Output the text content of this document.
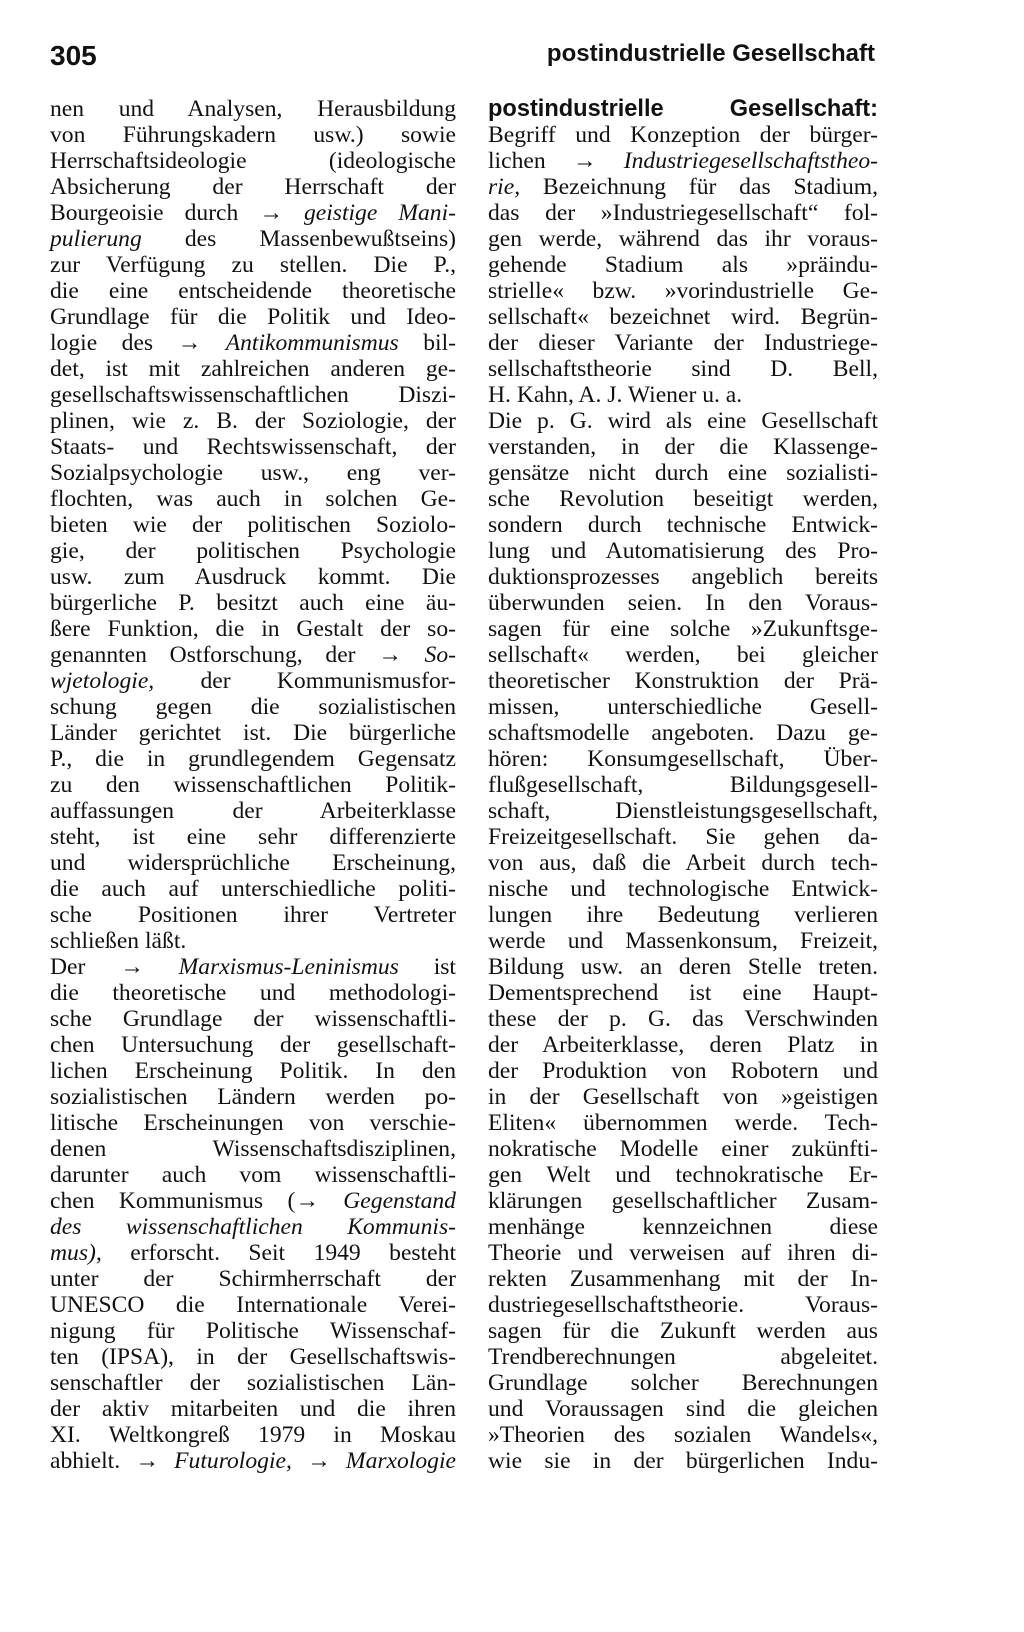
305	postindustrielle Gesellschaft
nen und Analysen, Herausbildung
von Führungskadern usw.) sowie
Herrschaftsideologie (ideologische
Absicherung der Herrschaft der
Bourgeoisie durch → geistige Mani-
pulierung des Massenbewußtseins)
zur Verfügung zu stellen. Die P.,
die eine entscheidende theoretische
Grundlage für die Politik und Ideo-
logie des → Antikommunismus bil-
det, ist mit zahlreichen anderen ge-
gesellschaftswissenschaftlichen Diszi-
plinen, wie z. B. der Soziologie, der
Staats- und Rechtswissenschaft, der
Sozialpsychologie usw., eng ver-
flochten, was auch in solchen Ge-
bieten wie der politischen Soziolo-
gie, der politischen Psychologie
usw. zum Ausdruck kommt. Die
bürgerliche P. besitzt auch eine äu-
ßere Funktion, die in Gestalt der so-
genannten Ostforschung, der → So-
wjetologie, der Kommunismusfor-
schung gegen die sozialistischen
Länder gerichtet ist. Die bürgerliche
P., die in grundlegendem Gegensatz
zu den wissenschaftlichen Politik-
auffassungen der Arbeiterklasse
steht, ist eine sehr differenzierte
und widersprüchliche Erscheinung,
die auch auf unterschiedliche politi-
sche Positionen ihrer Vertreter
schließen läßt.
Der → Marxismus-Leninismus ist
die theoretische und methodologi-
sche Grundlage der wissenschaftli-
chen Untersuchung der gesellschaft-
lichen Erscheinung Politik. In den
sozialistischen Ländern werden po-
litische Erscheinungen von verschie-
denen Wissenschaftsdisziplinen,
darunter auch vom wissenschaftli-
chen Kommunismus (→ Gegenstand
des wissenschaftlichen Kommunis-
mus), erforscht. Seit 1949 besteht
unter der Schirmherrschaft der
UNESCO die Internationale Verei-
nigung für Politische Wissenschaf-
ten (IPSA), in der Gesellschaftswis-
senschaftler der sozialistischen Län-
der aktiv mitarbeiten und die ihren
XI. Weltkongreß 1979 in Moskau
abhielt. → Futurologie, → Marxologie
postindustrielle Gesellschaft:
Begriff und Konzeption der bürger-
lichen → Industriegesellschaftstheo-
rie, Bezeichnung für das Stadium,
das der »Industriegesellschaft“ fol-
gen werde, während das ihr voraus-
gehende Stadium als »präindu-
strielle« bzw. »vorindustrielle Ge-
sellschaft« bezeichnet wird. Begrün-
der dieser Variante der Industriege-
sellschaftstheorie sind D. Bell,
H. Kahn, A. J. Wiener u. a.
Die p. G. wird als eine Gesellschaft
verstanden, in der die Klassenge-
gensätze nicht durch eine sozialisti-
sche Revolution beseitigt werden,
sondern durch technische Entwick-
lung und Automatisierung des Pro-
duktionsprozesses angeblich bereits
überwunden seien. In den Voraus-
sagen für eine solche »Zukunftsge-
sellschaft« werden, bei gleicher
theoretischer Konstruktion der Prä-
missen, unterschiedliche Gesell-
schaftsmodelle angeboten. Dazu ge-
hören: Konsumgesellschaft, Über-
flußgesellschaft, Bildungsgesell-
schaft, Dienstleistungsgesellschaft,
Freizeitgesellschaft. Sie gehen da-
von aus, daß die Arbeit durch tech-
nische und technologische Entwick-
lungen ihre Bedeutung verlieren
werde und Massenkonsum, Freizeit,
Bildung usw. an deren Stelle treten.
Dementsprechend ist eine Haupt-
these der p. G. das Verschwinden
der Arbeiterklasse, deren Platz in
der Produktion von Robotern und
in der Gesellschaft von »geistigen
Eliten« übernommen werde. Tech-
nokratische Modelle einer zukünfti-
gen Welt und technokratische Er-
klärungen gesellschaftlicher Zusam-
menhänge kennzeichnen diese
Theorie und verweisen auf ihren di-
rekten Zusammenhang mit der In-
dustriegesellschaftstheorie. Voraus-
sagen für die Zukunft werden aus
Trendberechnungen abgeleitet.
Grundlage solcher Berechnungen
und Voraussagen sind die gleichen
»Theorien des sozialen Wandels«,
wie sie in der bürgerlichen Indu-
